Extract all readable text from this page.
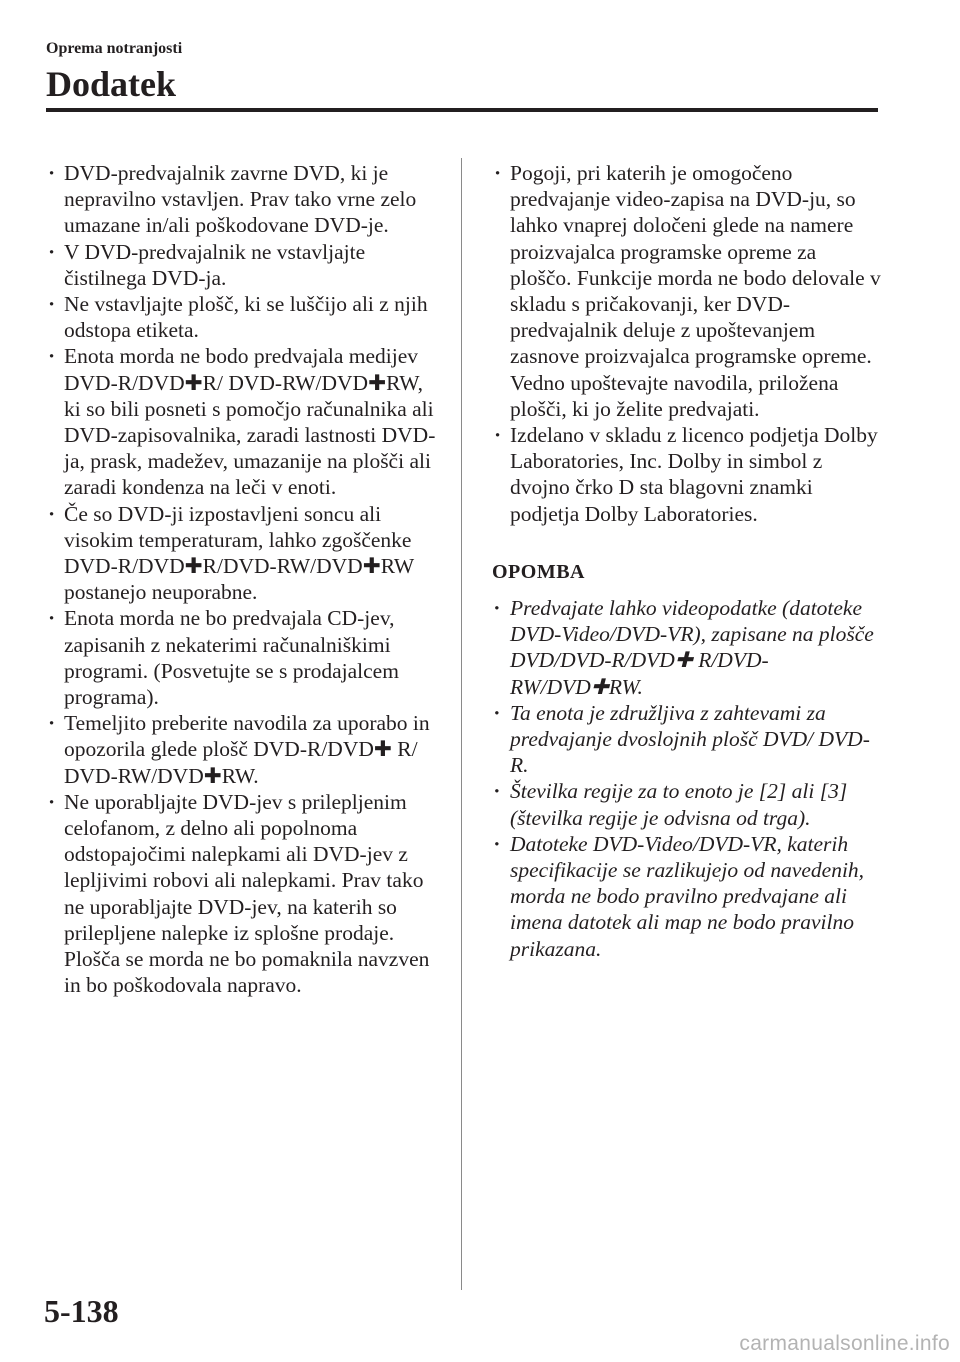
Oprema notranjosti
Dodatek
· DVD-predvajalnik zavrne DVD, ki je nepravilno vstavljen. Prav tako vrne zelo umazane in/ali poškodovane DVD-je.
· V DVD-predvajalnik ne vstavljajte čistilnega DVD-ja.
· Ne vstavljajte plošč, ki se luščijo ali z njih odstopa etiketa.
· Enota morda ne bodo predvajala medijev DVD-R/DVD✚R/ DVD-RW/DVD✚RW, ki so bili posneti s pomočjo računalnika ali DVD-zapisovalnika, zaradi lastnosti DVD-ja, prask, madežev, umazanije na plošči ali zaradi kondenza na leči v enoti.
· Če so DVD-ji izpostavljeni soncu ali visokim temperaturam, lahko zgoščenke DVD-R/DVD✚R/DVD-RW/DVD✚RW postanejo neuporabne.
· Enota morda ne bo predvajala CD-jev, zapisanih z nekaterimi računalniškimi programi. (Posvetujte se s prodajalcem programa).
· Temeljito preberite navodila za uporabo in opozorila glede plošč DVD-R/DVD✚ R/ DVD-RW/DVD✚RW.
· Ne uporabljajte DVD-jev s prilepljenim celofanom, z delno ali popolnoma odstopajočimi nalepkami ali DVD-jev z lepljivimi robovi ali nalepkami. Prav tako ne uporabljajte DVD-jev, na katerih so prilepljene nalepke iz splošne prodaje. Plošča se morda ne bo pomaknila navzven in bo poškodovala napravo.
· Pogoji, pri katerih je omogočeno predvajanje video-zapisa na DVD-ju, so lahko vnaprej določeni glede na namere proizvajalca programske opreme za ploščo. Funkcije morda ne bodo delovale v skladu s pričakovanji, ker DVD-predvajalnik deluje z upoštevanjem zasnove proizvajalca programske opreme. Vedno upoštevajte navodila, priložena plošči, ki jo želite predvajati.
· Izdelano v skladu z licenco podjetja Dolby Laboratories, Inc. Dolby in simbol z dvojno črko D sta blagovni znamki podjetja Dolby Laboratories.
OPOMBA
· Predvajate lahko videopodatke (datoteke DVD-Video/DVD-VR), zapisane na plošče DVD/DVD-R/DVD✚ R/DVD-RW/DVD✚RW.
· Ta enota je združljiva z zahtevami za predvajanje dvoslojnih plošč DVD/ DVD-R.
· Številka regije za to enoto je [2] ali [3] (številka regije je odvisna od trga).
· Datoteke DVD-Video/DVD-VR, katerih specifikacije se razlikujejo od navedenih, morda ne bodo pravilno predvajane ali imena datotek ali map ne bodo pravilno prikazana.
5-138
carmanualsonline.info
